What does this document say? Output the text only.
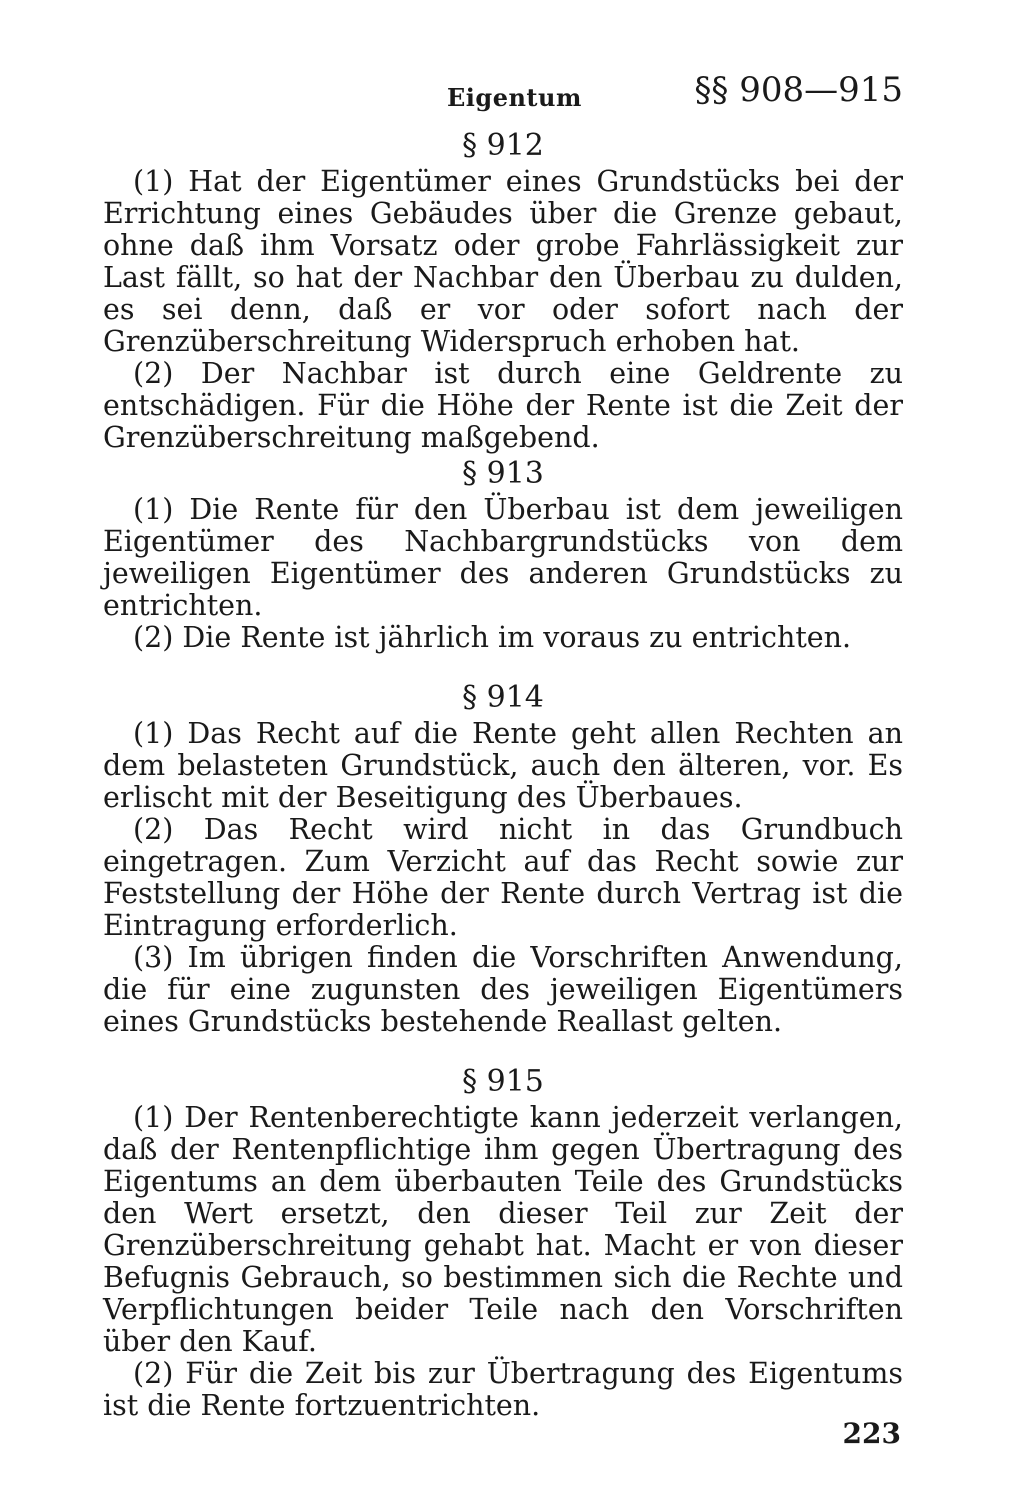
Eigentum	§§ 908—915
§ 912

(1) Hat der Eigentümer eines Grundstücks bei der Errichtung eines Gebäudes über die Grenze gebaut, ohne daß ihm Vorsatz oder grobe Fahrlässigkeit zur Last fällt, so hat der Nachbar den Überbau zu dulden, es sei denn, daß er vor oder sofort nach der Grenzüberschreitung Widerspruch erhoben hat.

(2) Der Nachbar ist durch eine Geldrente zu entschädigen. Für die Höhe der Rente ist die Zeit der Grenzüberschreitung maßgebend.

§ 913

(1) Die Rente für den Überbau ist dem jeweiligen Eigentümer des Nachbargrundstücks von dem jeweiligen Eigentümer des anderen Grundstücks zu entrichten.

(2) Die Rente ist jährlich im voraus zu entrichten.

§ 914

(1) Das Recht auf die Rente geht allen Rechten an dem belasteten Grundstück, auch den älteren, vor. Es erlischt mit der Beseitigung des Überbaues.

(2) Das Recht wird nicht in das Grundbuch eingetragen. Zum Verzicht auf das Recht sowie zur Feststellung der Höhe der Rente durch Vertrag ist die Eintragung erforderlich.

(3) Im übrigen finden die Vorschriften Anwendung, die für eine zugunsten des jeweiligen Eigentümers eines Grundstücks bestehende Reallast gelten.

§ 915

(1) Der Rentenberechtigte kann jederzeit verlangen, daß der Rentenpflichtige ihm gegen Übertragung des Eigentums an dem überbauten Teile des Grundstücks den Wert ersetzt, den dieser Teil zur Zeit der Grenzüberschreitung gehabt hat. Macht er von dieser Befugnis Gebrauch, so bestimmen sich die Rechte und Verpflichtungen beider Teile nach den Vorschriften über den Kauf.

(2) Für die Zeit bis zur Übertragung des Eigentums ist die Rente fortzuentrichten.

223
